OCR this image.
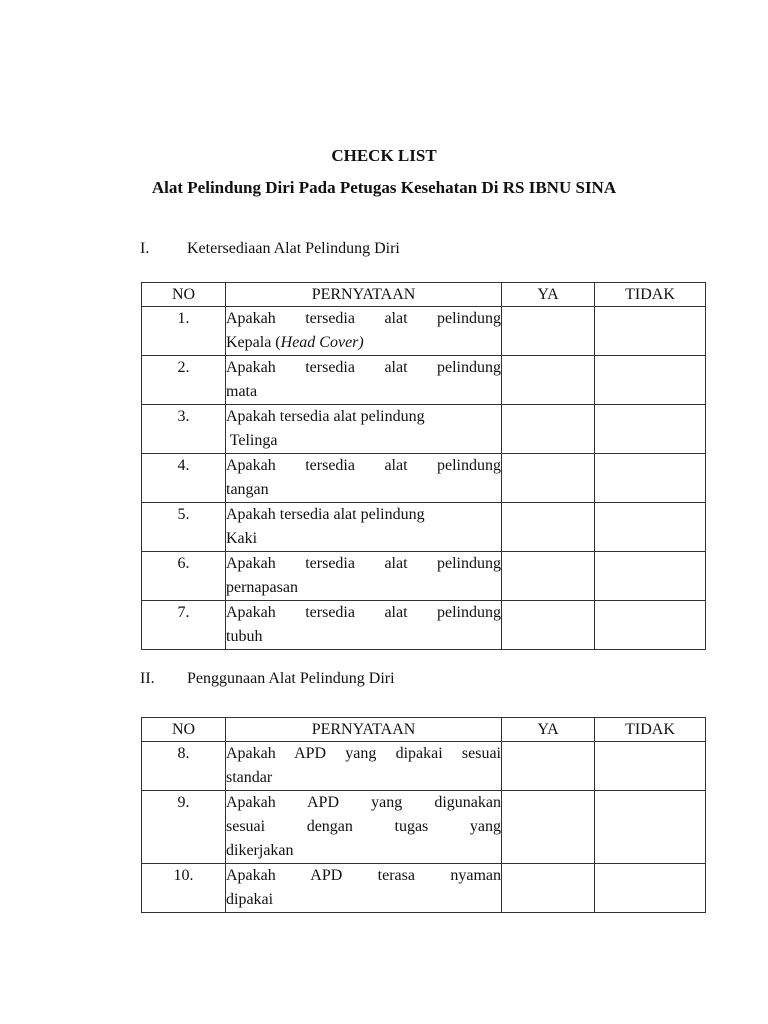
CHECK LIST
Alat Pelindung Diri Pada Petugas Kesehatan Di RS IBNU SINA
I.	Ketersediaan Alat Pelindung Diri
NO	PERNYATAAN	YA	TIDAK
1.	Apakah tersedia alat pelindung
Kepala (Head Cover)		

2.	Apakah tersedia alat pelindung
mata		

3.	Apakah tersedia alat pelindung
Telinga		

4.	Apakah tersedia alat pelindung
tangan		

5.	Apakah tersedia alat pelindung
Kaki		

6.	Apakah tersedia alat pelindung
pernapasan		

7.	Apakah tersedia alat pelindung
tubuh		

II.	Penggunaan Alat Pelindung Diri
NO	PERNYATAAN	YA	TIDAK
8.	Apakah APD yang dipakai sesuai
standar		

9.	Apakah APD yang digunakan
sesuai dengan tugas yang
dikerjakan		

10.	Apakah APD terasa nyaman
dipakai		
